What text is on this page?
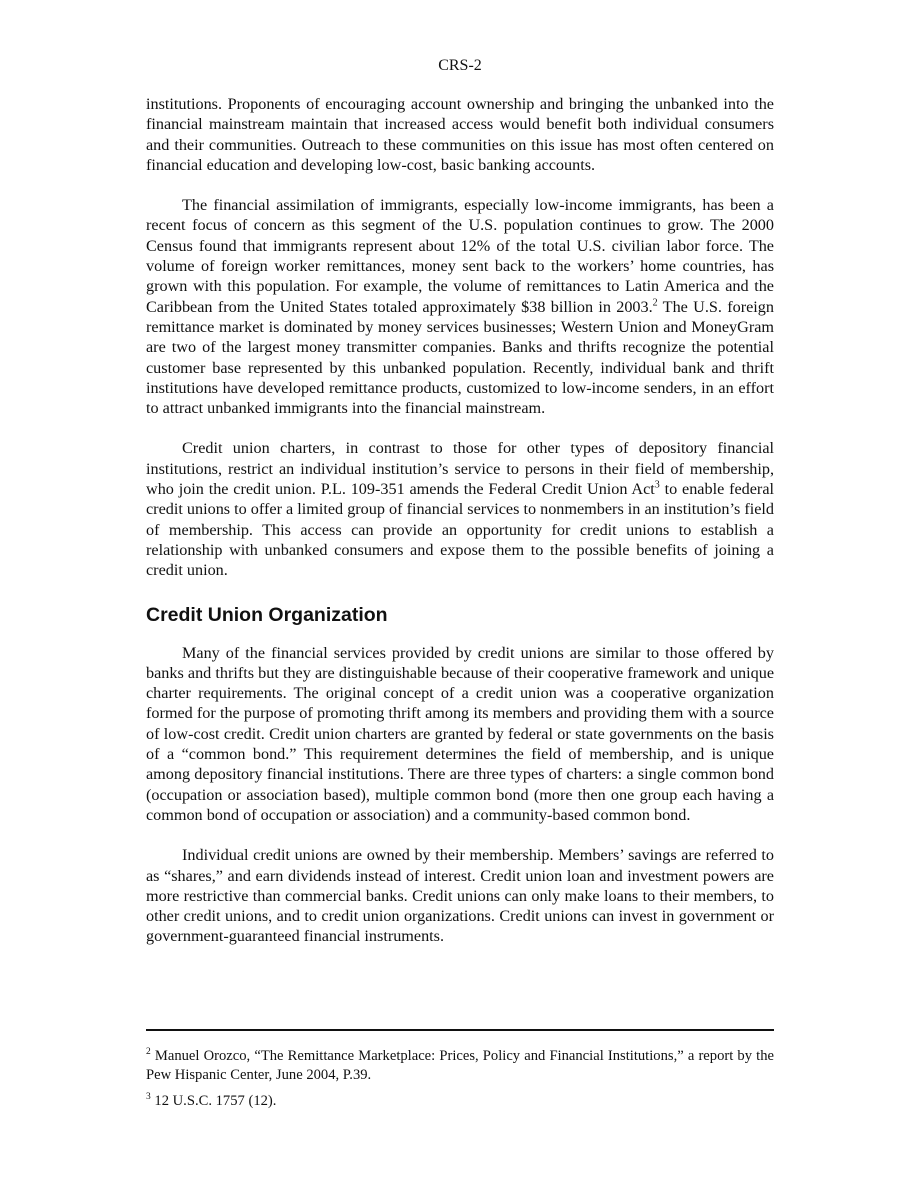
CRS-2

institutions. Proponents of encouraging account ownership and bringing the unbanked into the financial mainstream maintain that increased access would benefit both individual consumers and their communities. Outreach to these communities on this issue has most often centered on financial education and developing low-cost, basic banking accounts.

The financial assimilation of immigrants, especially low-income immigrants, has been a recent focus of concern as this segment of the U.S. population continues to grow. The 2000 Census found that immigrants represent about 12% of the total U.S. civilian labor force. The volume of foreign worker remittances, money sent back to the workers’ home countries, has grown with this population. For example, the volume of remittances to Latin America and the Caribbean from the United States totaled approximately $38 billion in 2003.$^2$ The U.S. foreign remittance market is dominated by money services businesses; Western Union and MoneyGram are two of the largest money transmitter companies. Banks and thrifts recognize the potential customer base represented by this unbanked population. Recently, individual bank and thrift institutions have developed remittance products, customized to low-income senders, in an effort to attract unbanked immigrants into the financial mainstream.

Credit union charters, in contrast to those for other types of depository financial institutions, restrict an individual institution’s service to persons in their field of membership, who join the credit union. P.L. 109-351 amends the Federal Credit Union Act$^3$ to enable federal credit unions to offer a limited group of financial services to nonmembers in an institution’s field of membership. This access can provide an opportunity for credit unions to establish a relationship with unbanked consumers and expose them to the possible benefits of joining a credit union.

Credit Union Organization

Many of the financial services provided by credit unions are similar to those offered by banks and thrifts but they are distinguishable because of their cooperative framework and unique charter requirements. The original concept of a credit union was a cooperative organization formed for the purpose of promoting thrift among its members and providing them with a source of low-cost credit. Credit union charters are granted by federal or state governments on the basis of a “common bond.” This requirement determines the field of membership, and is unique among depository financial institutions. There are three types of charters: a single common bond (occupation or association based), multiple common bond (more then one group each having a common bond of occupation or association) and a community-based common bond.

Individual credit unions are owned by their membership. Members’ savings are referred to as “shares,” and earn dividends instead of interest. Credit union loan and investment powers are more restrictive than commercial banks. Credit unions can only make loans to their members, to other credit unions, and to credit union organizations. Credit unions can invest in government or government-guaranteed financial instruments.

$^2$ Manuel Orozco, “The Remittance Marketplace: Prices, Policy and Financial Institutions,” a report by the Pew Hispanic Center, June 2004, P.39.

$^3$ 12 U.S.C. 1757 (12).
